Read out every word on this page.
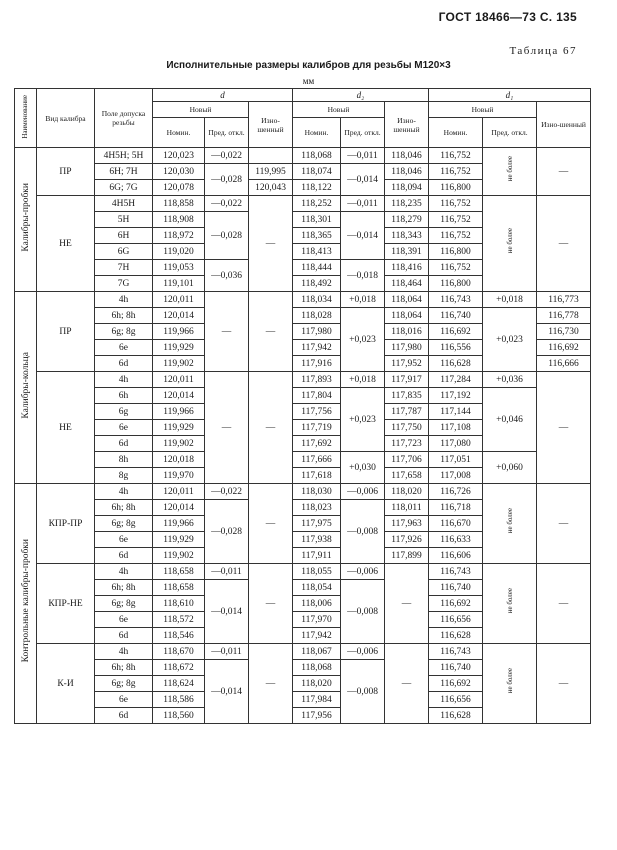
ГОСТ 18466—73 С. 135
Таблица 67
Исполнительные размеры калибров для резьбы М120×3
мм
Наименование	Вид калибра	Поле допуска резьбы	d			d₂			d₁		
			Новый		Изно-шенный	Новый		Изно-шенный	Новый		Изно-шенный
			Номин.	Пред. откл.		Номин.	Пред. откл.		Номин.	Пред. откл.	
Калибры-пробки	ПР	4H5H; 5H	120,023	—0,022		118,068	—0,011	118,046	116,752	не более	—
		6H; 7H	120,030	—0,028	119,995	118,074	—0,014	118,046	116,752		
		6G; 7G	120,078		120,043	118,122		118,094	116,800		
	НЕ	4H5H	118,858	—0,022	—	118,252	—0,011	118,235	116,752	не более	—
		5H	118,908	—0,028		118,301	—0,014	118,279	116,752		
		6H	118,972			118,365		118,343	116,752		
		6G	119,020			118,413		118,391	116,800		
		7H	119,053	—0,036		118,444	—0,018	118,416	116,752		
		7G	119,101			118,492		118,464	116,800		
Калибры-кольца	ПР	4h	120,011	—	—	118,034	+0,018	118,064	116,743	+0,018	116,773
		6h; 8h	120,014			118,028	+0,023	118,064	116,740	+0,023	116,778
		6g; 8g	119,966			117,980		118,016	116,692		116,730
		6e	119,929			117,942		117,980	116,556		116,692
		6d	119,902			117,916		117,952	116,628		116,666
	НЕ	4h	120,011	—	—	117,893	+0,018	117,917	117,284	+0,036	—
		6h	120,014			117,804	+0,023	117,835	117,192	+0,046	
		6g	119,966			117,756		117,787	117,144		
		6e	119,929			117,719		117,750	117,108		
		6d	119,902			117,692		117,723	117,080		
		8h	120,018			117,666	+0,030	117,706	117,051	+0,060	
		8g	119,970			117,618		117,658	117,008		
Контрольные калибры-пробки	КПР-ПР	4h	120,011	—0,022	—	118,030	—0,006	118,020	116,726	не более	—
		6h; 8h	120,014	—0,028		118,023	—0,008	118,011	116,718		
		6g; 8g	119,966			117,975		117,963	116,670		
		6e	119,929			117,938		117,926	116,633		
		6d	119,902			117,911		117,899	116,606		
	КПР-НЕ	4h	118,658	—0,011	—	118,055	—0,006	—	116,743	не более	—
		6h; 8h	118,658	—0,014		118,054	—0,008		116,740		
		6g; 8g	118,610			118,006			116,692		
		6e	118,572			117,970			116,656		
		6d	118,546			117,942			116,628		
	К-И	4h	118,670	—0,011	—	118,067	—0,006	—	116,743	не более	—
		6h; 8h	118,672	—0,014		118,068	—0,008		116,740		
		6g; 8g	118,624			118,020			116,692		
		6e	118,586			117,984			116,656		
		6d	118,560			117,956			116,628		
